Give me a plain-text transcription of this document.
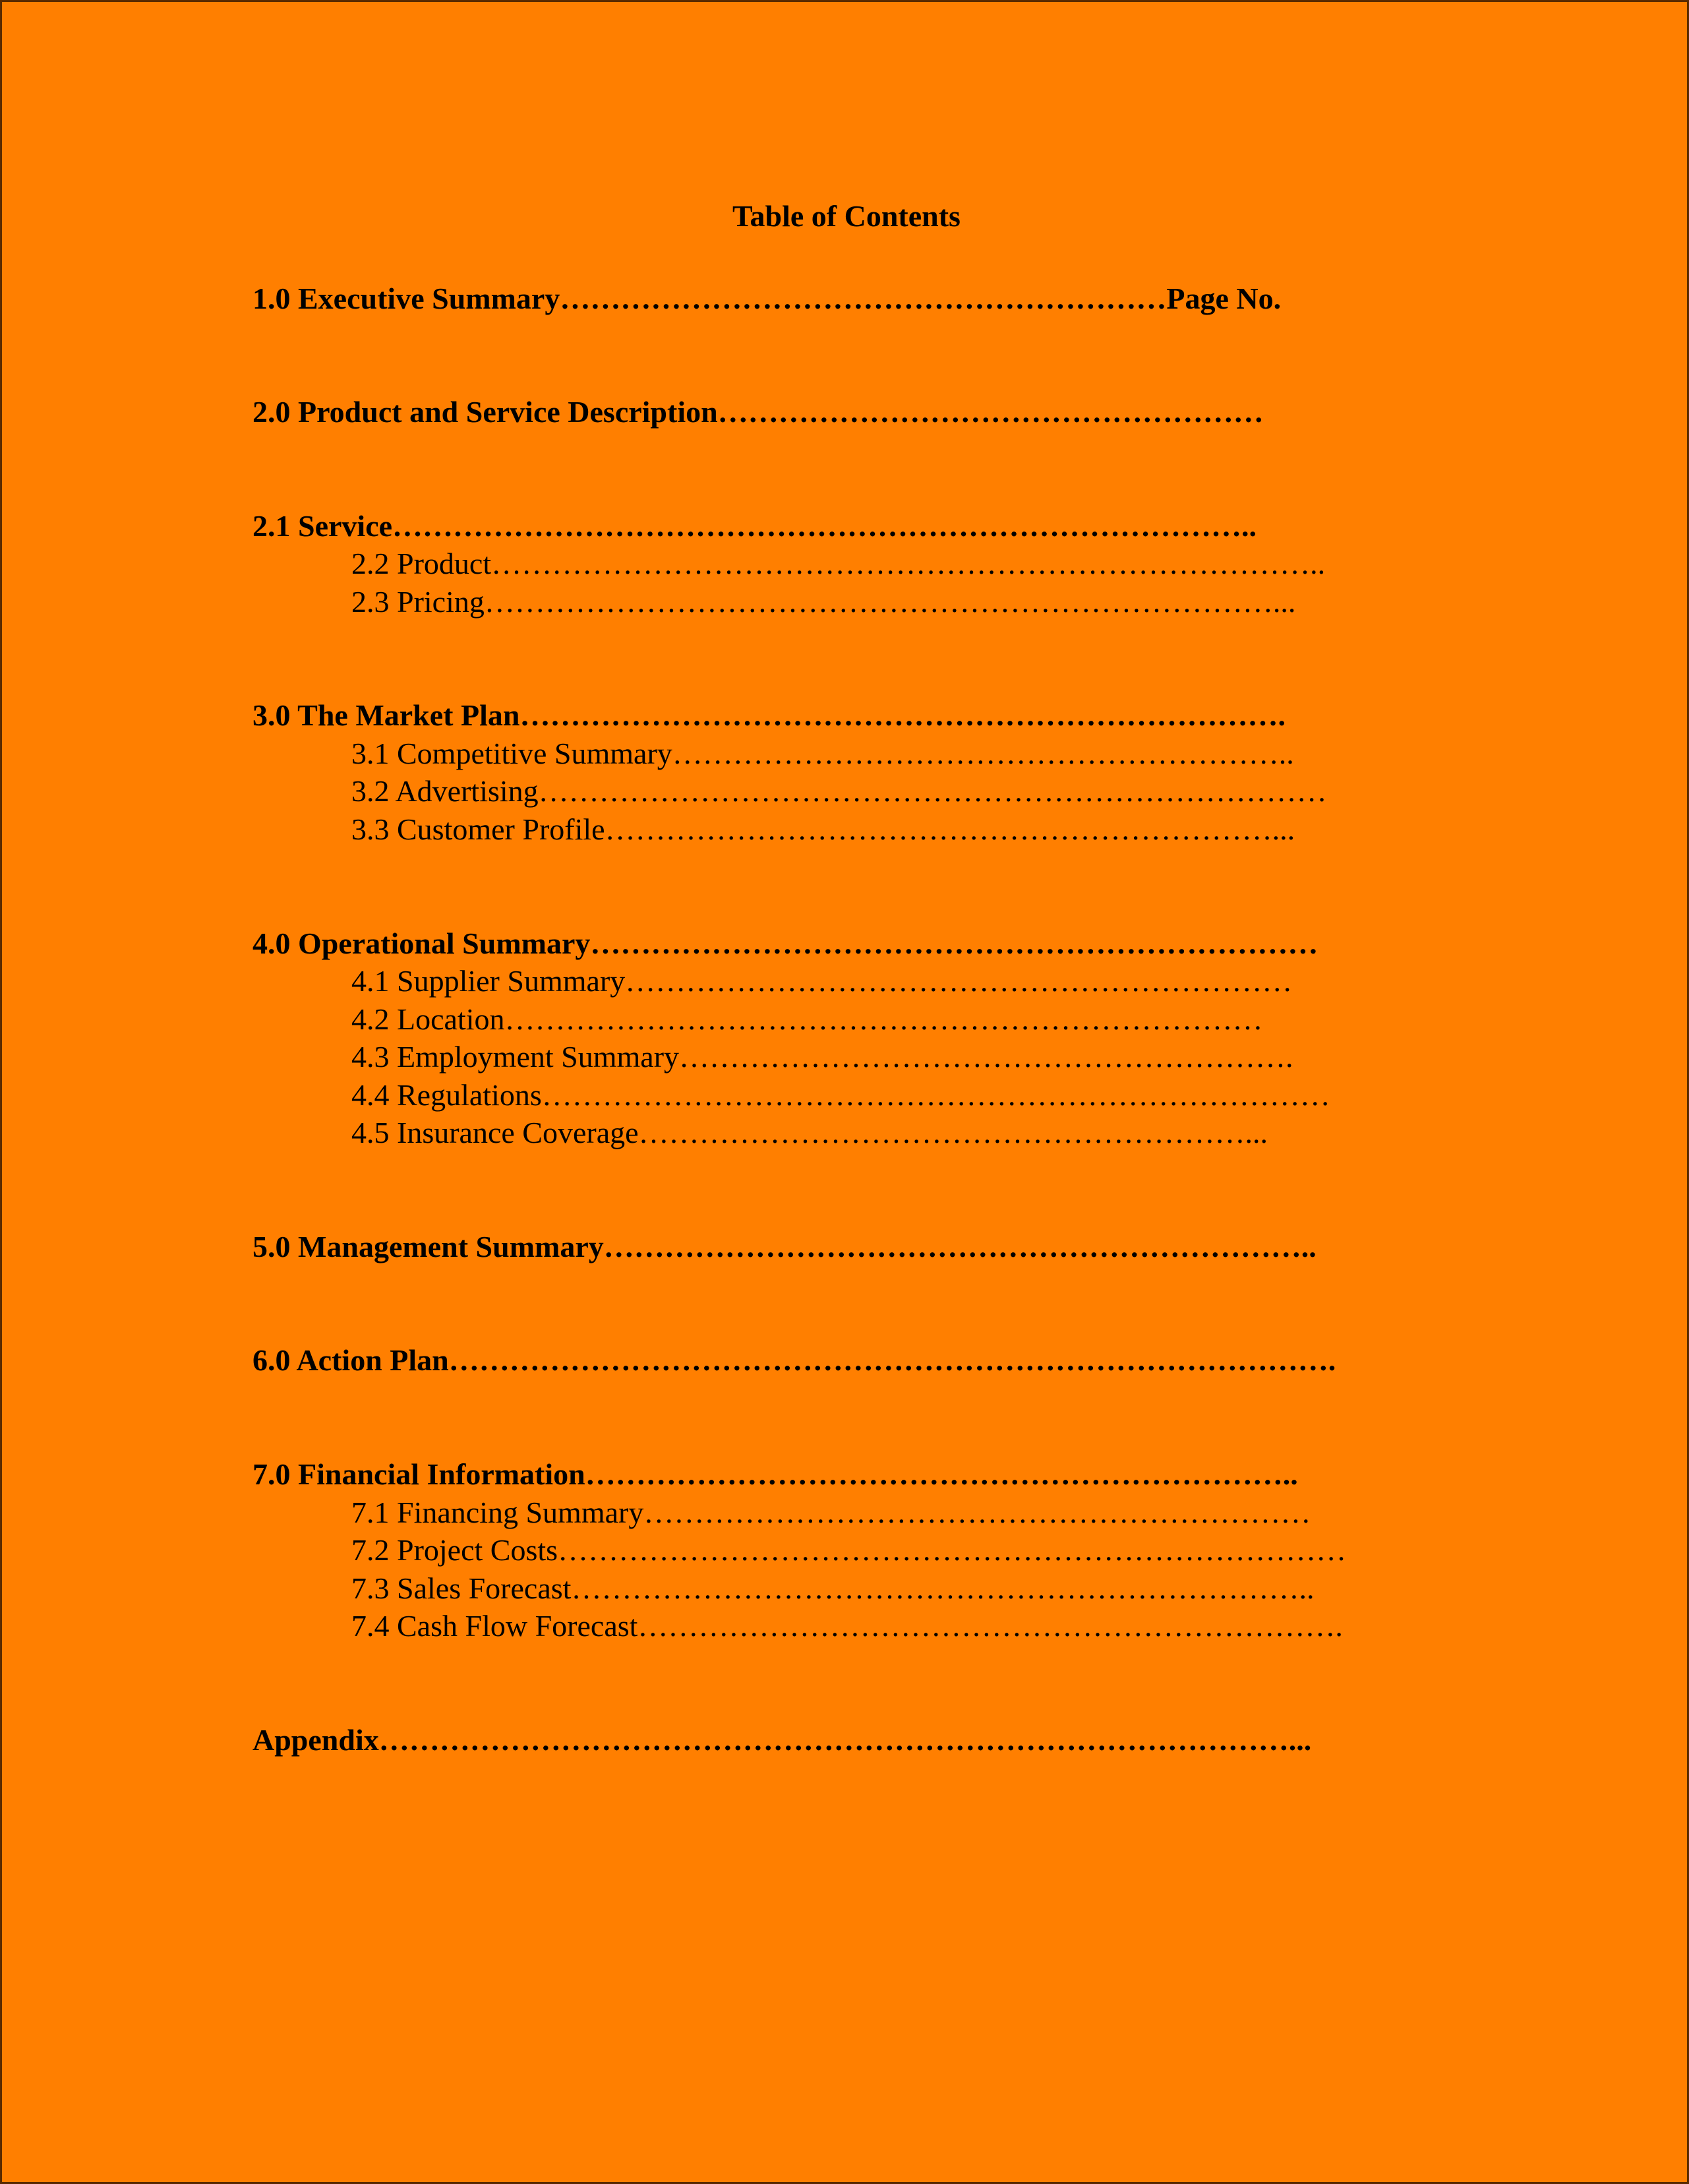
Table of Contents
1.0 Executive Summary……………………………………………………Page No.
2.0 Product and Service Description………………………………………………
2.1 Service…………………………………………………………………………..
2.2 Product………………………………………………………………………..
2.3 Pricing……………………………………………………………………...
3.0 The Market Plan………………………………………………………………….
3.1 Competitive Summary……………………………………………………..
3.2 Advertising……………………………………………………………………
3.3 Customer Profile…………………………………………………………...
4.0 Operational Summary………………………………………………………………
4.1 Supplier Summary…………………………………………………………
4.2 Location…………………………………………………………………
4.3 Employment Summary…………………………………………………….
4.4 Regulations……………………………………………………………………
4.5 Insurance Coverage……………………………………………………...
5.0 Management Summary……………………………………………………………..
6.0 Action Plan…………………………………………………………………………….
7.0 Financial Information……………………………………………………………..
7.1 Financing Summary…………………………………………………………
7.2 Project Costs……………………………………………………………………
7.3 Sales Forecast………………………………………………………………..
7.4 Cash Flow Forecast…………………………………………………………….
Appendix………………………………………………………………………………...
